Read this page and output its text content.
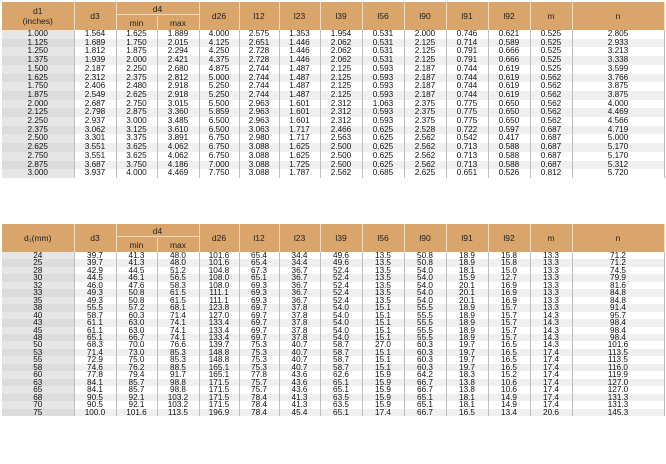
d1
(inches)	d3	d4		d26	l12	l23	l39	l56	l90	l91	l92	m	n
		min	max										
1.000	1.564	1.625	1.889	4.000	2.575	1.353	1.954	0.531	2.000	0.746	0.621	0.525	2.805
1.125	1.689	1.750	2.015	4.125	2.651	1.446	2.062	0.531	2.125	0.714	0.589	0.525	2.933
1.250	1.812	1.875	2.294	4.250	2.728	1.446	2.062	0.531	2.125	0.791	0.666	0.525	3.213
1.375	1.939	2.000	2.421	4.375	2.728	1.446	2.062	0.531	2.125	0.791	0.666	0.525	3.338
1.500	2.187	2.250	2.680	4.875	2.744	1.487	2.125	0.593	2.187	0.744	0.619	0.525	3.599
1.625	2.312	2.375	2.812	5.000	2.744	1.487	2.125	0.593	2.187	0.744	0.619	0.562	3.766
1.750	2.406	2.480	2.918	5.250	2.744	1.487	2.125	0.593	2.187	0.744	0.619	0.562	3.875
1.875	2.549	2.625	2.918	5.250	2.744	1.487	2.125	0.593	2.187	0.744	0.619	0.562	3.875
2.000	2.687	2.750	3.015	5.500	2.963	1.601	2.312	1.063	2.375	0.775	0.650	0.562	4.000
2.125	2.798	2.875	3.360	5.859	2.963	1.601	2.312	0.593	2.375	0.775	0.650	0.562	4.469
2.250	2.937	3.000	3.485	6.500	2.963	1.601	2.312	0.593	2.375	0.775	0.650	0.562	4.566
2.375	3.062	3.125	3.610	6.500	3.063	1.717	2.466	0.625	2.528	0.722	0.597	0.687	4.719
2.500	3.301	3.375	3.891	6.750	2.980	1.717	2.563	0.625	2.562	0.542	0.417	0.687	5.000
2.625	3.551	3.625	4.062	6.750	3.088	1.625	2.500	0.625	2.562	0.713	0.588	0.687	5.170
2.750	3.551	3.625	4.062	6.750	3.088	1.625	2.500	0.625	2.562	0.713	0.588	0.687	5.170
2.875	3.687	3.750	4.186	7.000	3.088	1.725	2.500	0.625	2.562	0.713	0.588	0.687	5.312
3.000	3.937	4.000	4.469	7.750	3.088	1.787	2.562	0.685	2.625	0.651	0.526	0.812	5.720
d₁(mm)	d3	d4		d26	l12	l23	l39	l56	l90	l91	l92	m	n
		min	max										
24	39.7	41.3	48.0	101.6	65.4	34.4	49.6	13.5	50.8	18.9	15.8	13.3	71.2
25	39.7	41.3	48.0	101.6	65.4	34.4	49.6	13.5	50.8	18.9	15.8	13.3	71.2
28	42.9	44.5	51.2	104.8	67.3	36.7	52.4	13.5	54.0	18.1	15.0	13.3	74.5
30	44.5	46.1	56.5	108.0	65.1	36.7	52.4	13.5	54.0	15.9	12.7	13.3	79.9
32	46.0	47.6	58.3	108.0	69.3	36.7	52.4	13.5	54.0	20.1	16.9	13.3	81.6
33	49.3	50.8	61.5	111.1	69.3	36.7	52.4	13.5	54.0	20.1	16.9	13.3	84.8
35	49.3	50.8	61.5	111.1	69.3	36.7	52.4	13.5	54.0	20.1	16.9	13.3	84.8
38	55.5	57.2	68.1	123.8	69.7	37.8	54.0	15.1	55.5	18.9	15.7	13.3	91.4
40	58.7	60.3	71.4	127.0	69.7	37.8	54.0	15.1	55.5	18.9	15.7	14.3	95.7
43	61.1	63.0	74.1	133.4	69.7	37.8	54.0	15.1	55.5	18.9	15.7	14.3	98.4
45	61.1	63.0	74.1	133.4	69.7	37.8	54.0	15.1	55.5	18.9	15.7	14.3	98.4
48	65.1	66.7	74.1	133.4	69.7	37.8	54.0	15.1	55.5	18.9	15.7	14.3	98.4
50	68.3	70.0	76.6	139.7	75.3	40.7	58.7	27.0	60.3	19.7	16.5	14.3	101.6
53	71.4	73.0	85.3	148.8	75.3	40.7	58.7	15.1	60.3	19.7	16.5	17.4	113.5
55	72.9	75.0	85.3	148.8	75.3	40.7	58.7	15.1	60.3	19.7	16.5	17.4	113.5
58	74.6	76.2	88.5	165.1	75.3	40.7	58.7	15.1	60.3	19.7	16.5	17.4	116.0
60	77.8	79.4	91.7	165.1	77.8	43.6	62.6	15.9	64.2	18.3	15.2	17.4	119.9
63	84.1	85.7	98.8	171.5	75.7	43.6	65.1	15.9	66.7	13.8	10.6	17.4	127.0
65	84.1	85.7	98.8	171.5	75.7	43.6	65.1	15.9	66.7	13.8	10.6	17.4	127.0
68	90.5	92.1	103.2	171.5	78.4	41.3	63.5	15.9	65.1	18.1	14.9	17.4	131.3
70	90.5	92.1	103.2	171.5	78.4	41.3	63.5	15.9	65.1	18.1	14.9	17.4	131.3
75	100.0	101.6	113.5	196.9	78.4	45.4	65.1	17.4	66.7	16.5	13.4	20.6	145.3
